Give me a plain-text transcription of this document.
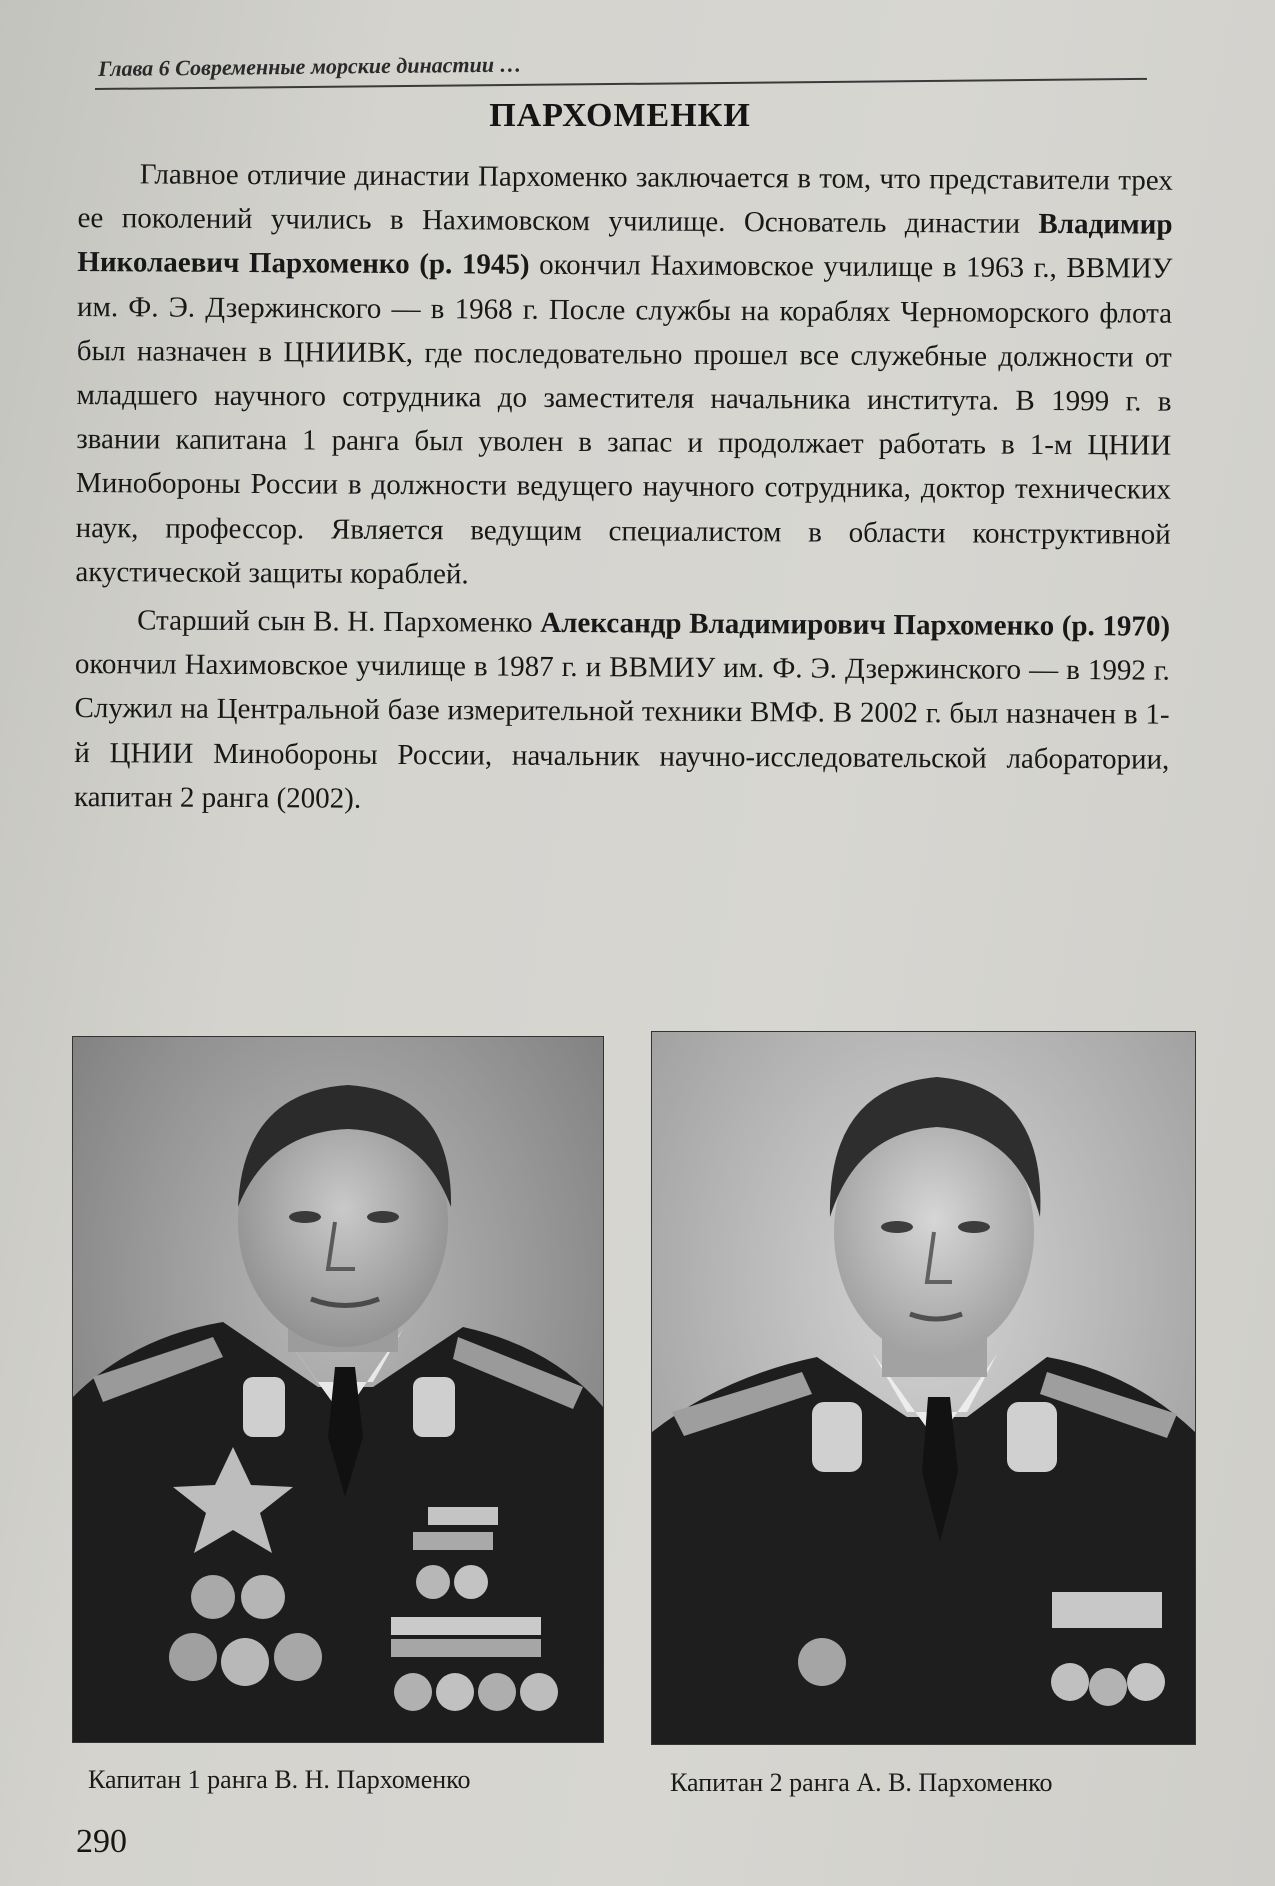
Глава 6 Современные морские династии …
ПАРХОМЕНКИ

Главное отличие династии Пархоменко заключается в том, что представители трех ее поколений учились в Нахимовском училище. Основатель династии Владимир Николаевич Пархоменко (р. 1945) окончил Нахимовское училище в 1963 г., ВВМИУ им. Ф. Э. Дзержинского — в 1968 г. После службы на кораблях Черноморского флота был назначен в ЦНИИВК, где последовательно прошел все служебные должности от младшего научного сотрудника до заместителя начальника института. В 1999 г. в звании капитана 1 ранга был уволен в запас и продолжает работать в 1-м ЦНИИ Минобороны России в должности ведущего научного сотрудника, доктор технических наук, профессор. Является ведущим специалистом в области конструктивной акустической защиты кораблей.

Старший сын В. Н. Пархоменко Александр Владимирович Пархоменко (р. 1970) окончил Нахимовское училище в 1987 г. и ВВМИУ им. Ф. Э. Дзержинского — в 1992 г. Служил на Центральной базе измерительной техники ВМФ. В 2002 г. был назначен в 1-й ЦНИИ Минобороны России, начальник научно-исследовательской лаборатории, капитан 2 ранга (2002).

Капитан 1 ранга В. Н. Пархоменко	Капитан 2 ранга А. В. Пархоменко
290
